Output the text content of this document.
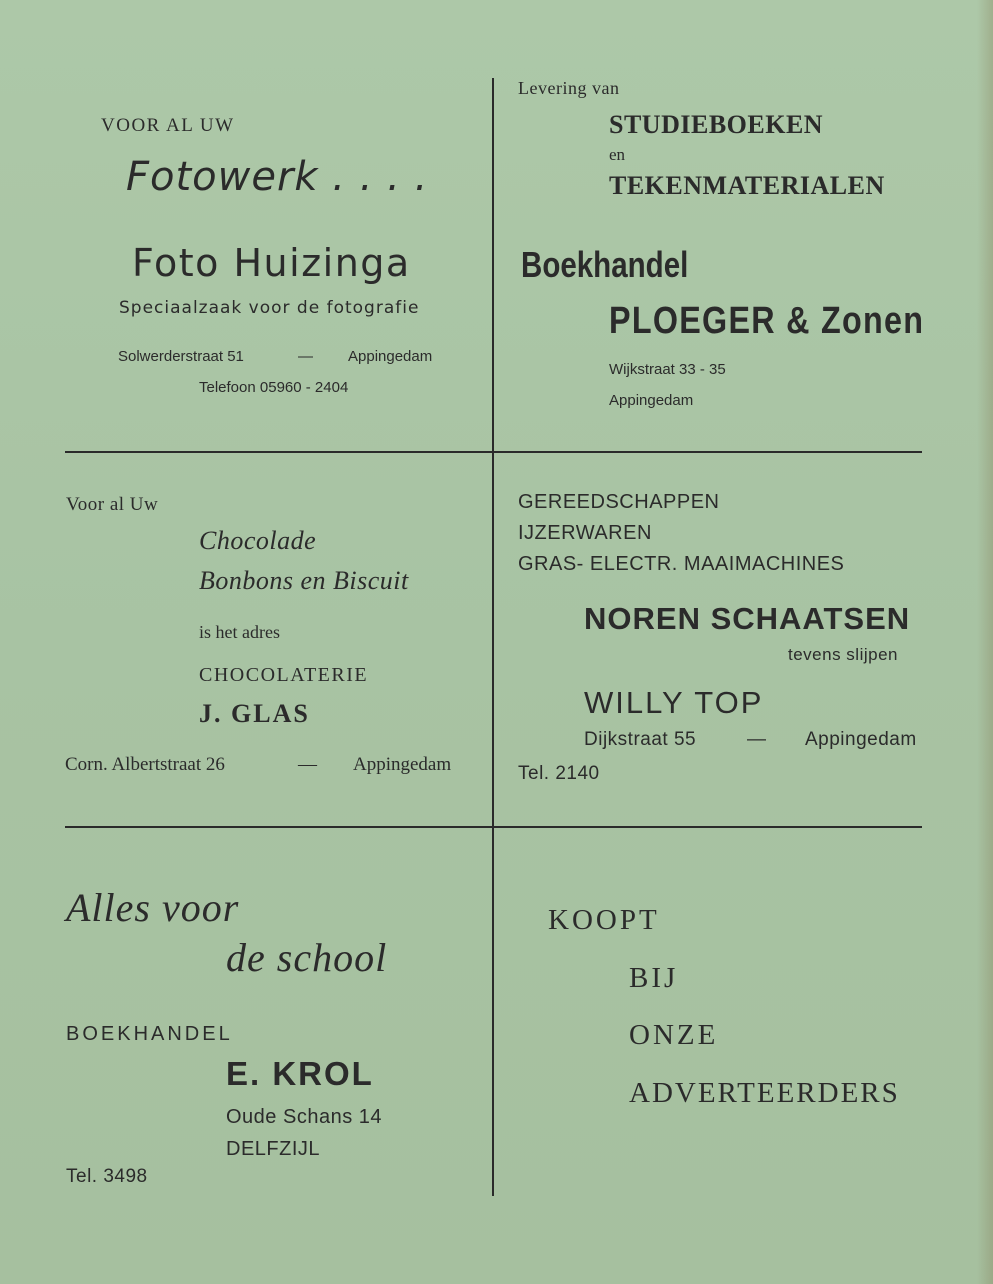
VOOR AL UW

Fotowerk . . . .

Foto Huizinga

Speciaalzaak voor de fotografie

Solwerderstraat 51	— Appingedam

Telefoon 05960 - 2404

Levering van

STUDIEBOEKEN

en

TEKENMATERIALEN

Boekhandel

PLOEGER & Zonen

Wijkstraat 33 - 35

Appingedam

Voor al Uw

Chocolade

Bonbons en Biscuit

is het adres

CHOCOLATERIE

J. GLAS

Corn. Albertstraat 26	— Appingedam

GEREEDSCHAPPEN

IJZERWAREN

GRAS- ELECTR. MAAIMACHINES

NOREN SCHAATSEN

tevens slijpen

WILLY TOP

Dijkstraat 55	— Appingedam

Tel. 2140

Alles voor

de school

BOEKHANDEL

E. KROL

Oude Schans 14

DELFZIJL

Tel. 3498

KOOPT

BIJ

ONZE

ADVERTEERDERS
